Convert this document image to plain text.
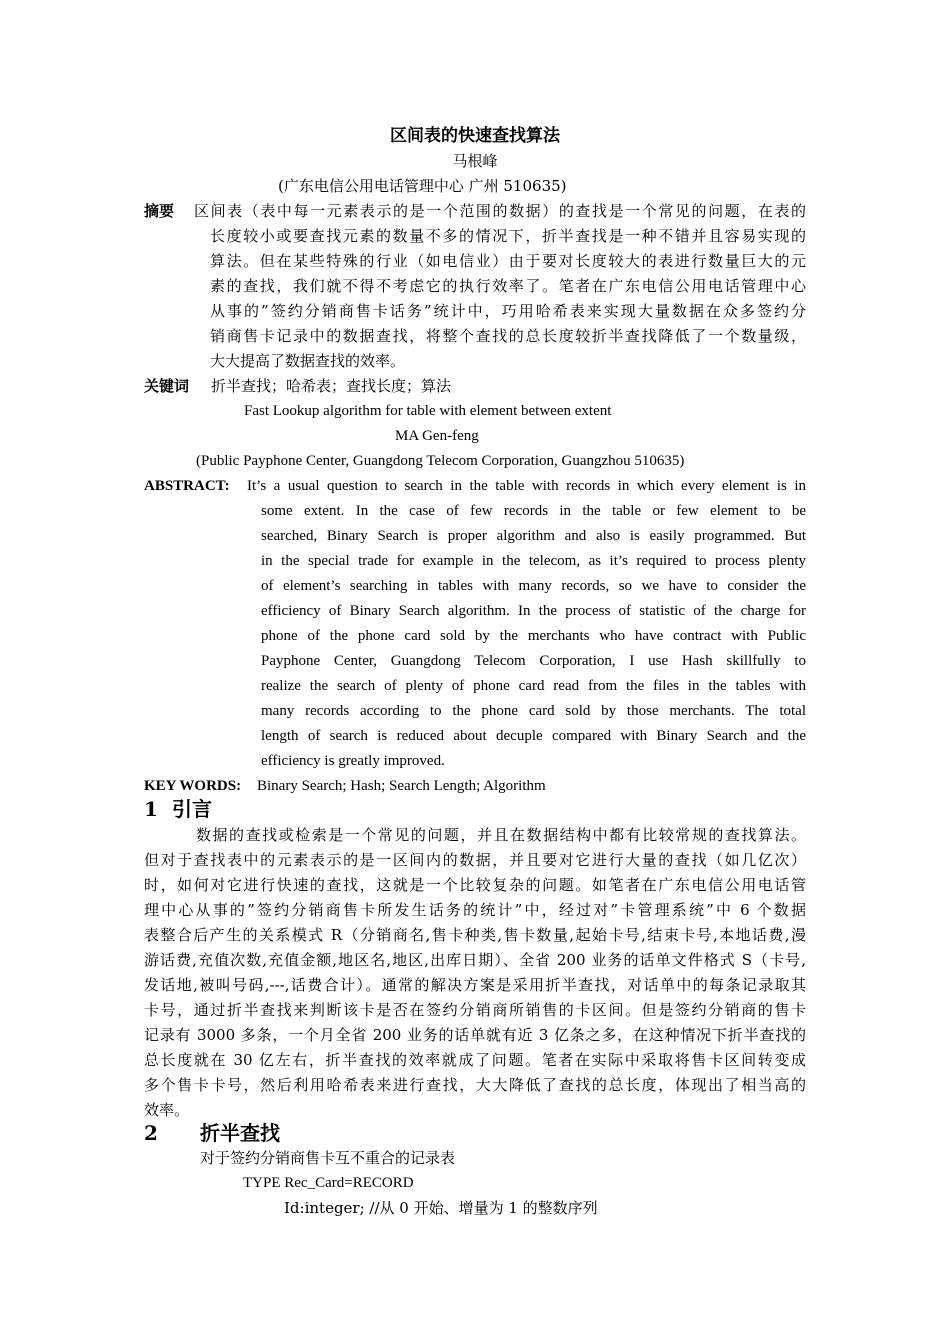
区间表的快速查找算法
马根峰
(广东电信公用电话管理中心 广州 510635)
摘要 区间表（表中每一元素表示的是一个范围的数据）的查找是一个常见的问题，在表的
长度较小或要查找元素的数量不多的情况下，折半查找是一种不错并且容易实现的
算法。但在某些特殊的行业（如电信业）由于要对长度较大的表进行数量巨大的元
素的查找，我们就不得不考虑它的执行效率了。笔者在广东电信公用电话管理中心
从事的”签约分销商售卡话务”统计中，巧用哈希表来实现大量数据在众多签约分
销商售卡记录中的数据查找，将整个查找的总长度较折半查找降低了一个数量级，
大大提高了数据查找的效率。
关键词 折半查找；哈希表；查找长度；算法
Fast Lookup algorithm for table with element between extent
MA Gen-feng
(Public Payphone Center, Guangdong Telecom Corporation, Guangzhou 510635)
ABSTRACT: It’s a usual question to search in the table with records in which every element is in
some extent. In the case of few records in the table or few element to be
searched, Binary Search is proper algorithm and also is easily programmed. But
in the special trade for example in the telecom, as it’s required to process plenty
of element’s searching in tables with many records, so we have to consider the
efficiency of Binary Search algorithm. In the process of statistic of the charge for
phone of the phone card sold by the merchants who have contract with Public
Payphone Center, Guangdong Telecom Corporation, I use Hash skillfully to
realize the search of plenty of phone card read from the files in the tables with
many records according to the phone card sold by those merchants. The total
length of search is reduced about decuple compared with Binary Search and the
efficiency is greatly improved.
KEY WORDS: Binary Search; Hash; Search Length; Algorithm
1 引言
数据的查找或检索是一个常见的问题，并且在数据结构中都有比较常规的查找算法。
但对于查找表中的元素表示的是一区间内的数据，并且要对它进行大量的查找（如几亿次）
时，如何对它进行快速的查找，这就是一个比较复杂的问题。如笔者在广东电信公用电话管
理中心从事的”签约分销商售卡所发生话务的统计”中，经过对”卡管理系统”中 6 个数据
表整合后产生的关系模式 R（分销商名,售卡种类,售卡数量,起始卡号,结束卡号,本地话费,漫
游话费,充值次数,充值金额,地区名,地区,出库日期）、全省 200 业务的话单文件格式 S（卡号,
发话地,被叫号码,---,话费合计）。通常的解决方案是采用折半查找，对话单中的每条记录取其
卡号，通过折半查找来判断该卡是否在签约分销商所销售的卡区间。但是签约分销商的售卡
记录有 3000 多条，一个月全省 200 业务的话单就有近 3 亿条之多，在这种情况下折半查找的
总长度就在 30 亿左右，折半查找的效率就成了问题。笔者在实际中采取将售卡区间转变成
多个售卡卡号，然后利用哈希表来进行查找，大大降低了查找的总长度，体现出了相当高的
效率。
2 折半查找
对于签约分销商售卡互不重合的记录表
TYPE Rec_Card=RECORD
Id:integer; //从 0 开始、增量为 1 的整数序列
